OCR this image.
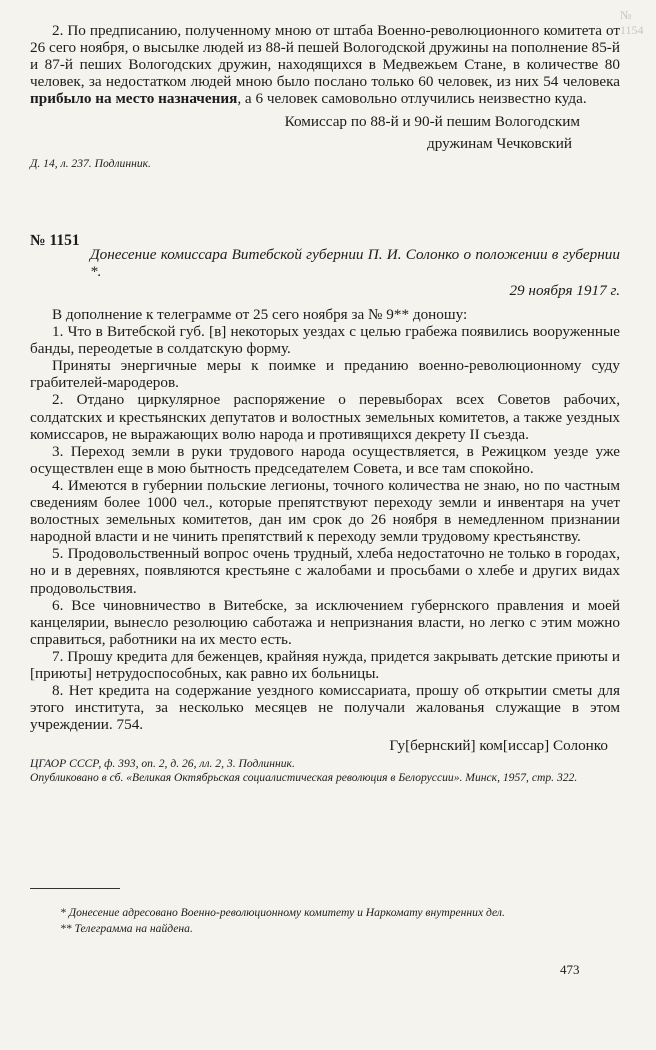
№ 1154

2. По предписанию, полученному мною от штаба Военно-революционного комитета от 26 сего ноября, о высылке людей из 88-й пешей Вологодской дружины на пополнение 85-й и 87-й пеших Вологодских дружин, находящихся в Медвежьем Стане, в количестве 80 человек, за недостатком людей мною было послано только 60 человек, из них 54 человека прибыло на место назначения, а 6 человек самовольно отлучились неизвестно куда.

Комиссар по 88-й и 90-й пешим Вологодским

дружинам Чечковский

Д. 14, л. 237. Подлинник.

№ 1151

Донесение комиссара Витебской губернии П. И. Солонко о положении в губернии *.

29 ноября 1917 г.

В дополнение к телеграмме от 25 сего ноября за № 9** доношу:

1. Что в Витебской губ. [в] некоторых уездах с целью грабежа появились вооруженные банды, переодетые в солдатскую форму.

Приняты энергичные меры к поимке и преданию военно-революционному суду грабителей-мародеров.

2. Отдано циркулярное распоряжение о перевыборах всех Советов рабочих, солдатских и крестьянских депутатов и волостных земельных комитетов, а также уездных комиссаров, не выражающих волю народа и противящихся декрету II съезда.

3. Переход земли в руки трудового народа осуществляется, в Режицком уезде уже осуществлен еще в мою бытность председателем Совета, и все там спокойно.

4. Имеются в губернии польские легионы, точного количества не знаю, но по частным сведениям более 1000 чел., которые препятствуют переходу земли и инвентаря на учет волостных земельных комитетов, дан им срок до 26 ноября в немедленном признании народной власти и не чинить препятствий к переходу земли трудовому крестьянству.

5. Продовольственный вопрос очень трудный, хлеба недостаточно не только в городах, но и в деревнях, появляются крестьяне с жалобами и просьбами о хлебе и других видах продовольствия.

6. Все чиновничество в Витебске, за исключением губернского правления и моей канцелярии, вынесло резолюцию саботажа и непризнания власти, но легко с этим можно справиться, работники на их место есть.

7. Прошу кредита для беженцев, крайняя нужда, придется закрывать детские приюты и [приюты] нетрудоспособных, как равно их больницы.

8. Нет кредита на содержание уездного комиссариата, прошу об открытии сметы для этого института, за несколько месяцев не получали жалованья служащие в этом учреждении. 754.

Гу[бернский] ком[иссар] Солонко

ЦГАОР СССР, ф. 393, оп. 2, д. 26, лл. 2, 3. Подлинник.

Опубликовано в сб. «Великая Октябрьская социалистическая революция в Белоруссии». Минск, 1957, стр. 322.

* Донесение адресовано Военно-революционному комитету и Наркомату внутренних дел.

** Телеграмма на найдена.

473
